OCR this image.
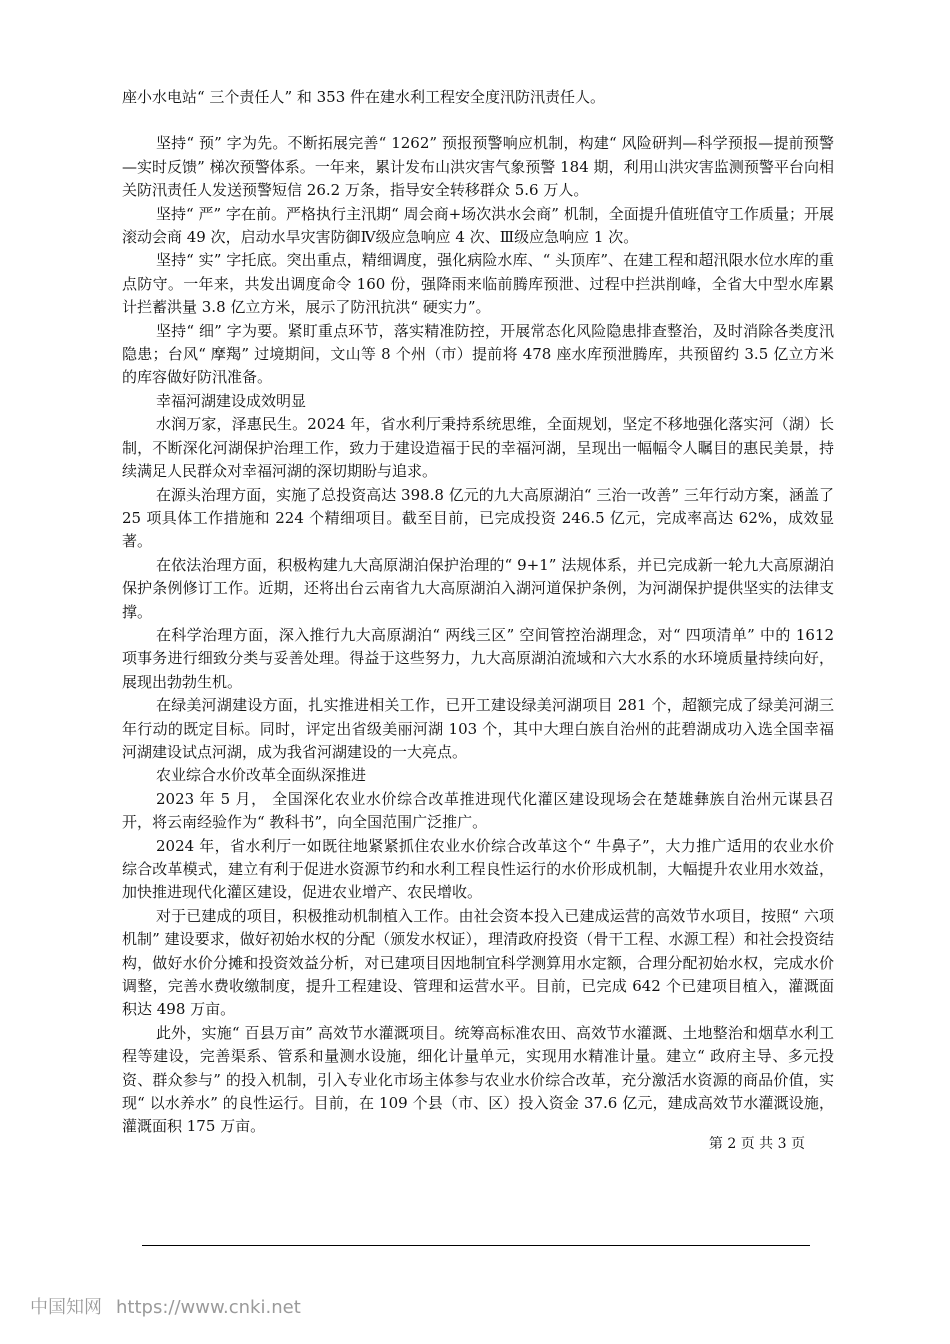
座小水电站“ 三个责任人” 和 353 件在建水利工程安全度汛防汛责任人。

坚持“ 预” 字为先。不断拓展完善“ 1262” 预报预警响应机制，构建“ 风险研判—科学预报—提前预警—实时反馈” 梯次预警体系。一年来，累计发布山洪灾害气象预警 184 期，利用山洪灾害监测预警平台向相关防汛责任人发送预警短信 26.2 万条，指导安全转移群众 5.6 万人。

坚持“ 严” 字在前。严格执行主汛期“ 周会商+场次洪水会商” 机制，全面提升值班值守工作质量；开展滚动会商 49 次，启动水旱灾害防御Ⅳ级应急响应 4 次、Ⅲ级应急响应 1 次。

坚持“ 实” 字托底。突出重点，精细调度，强化病险水库、“ 头顶库”、在建工程和超汛限水位水库的重点防守。一年来，共发出调度命令 160 份，强降雨来临前腾库预泄、过程中拦洪削峰，全省大中型水库累计拦蓄洪量 3.8 亿立方米，展示了防汛抗洪“ 硬实力”。

坚持“ 细” 字为要。紧盯重点环节，落实精准防控，开展常态化风险隐患排查整治，及时消除各类度汛隐患；台风“ 摩羯” 过境期间，文山等 8 个州（市）提前将 478 座水库预泄腾库，共预留约 3.5 亿立方米的库容做好防汛准备。

幸福河湖建设成效明显

水润万家，泽惠民生。2024 年，省水利厅秉持系统思维，全面规划，坚定不移地强化落实河（湖）长制，不断深化河湖保护治理工作，致力于建设造福于民的幸福河湖，呈现出一幅幅令人瞩目的惠民美景，持续满足人民群众对幸福河湖的深切期盼与追求。

在源头治理方面，实施了总投资高达 398.8 亿元的九大高原湖泊“ 三治一改善” 三年行动方案，涵盖了 25 项具体工作措施和 224 个精细项目。截至目前，已完成投资 246.5 亿元，完成率高达 62%，成效显著。

在依法治理方面，积极构建九大高原湖泊保护治理的“ 9+1” 法规体系，并已完成新一轮九大高原湖泊保护条例修订工作。近期，还将出台云南省九大高原湖泊入湖河道保护条例，为河湖保护提供坚实的法律支撑。

在科学治理方面，深入推行九大高原湖泊“ 两线三区” 空间管控治湖理念，对“ 四项清单” 中的 1612 项事务进行细致分类与妥善处理。得益于这些努力，九大高原湖泊流域和六大水系的水环境质量持续向好，展现出勃勃生机。

在绿美河湖建设方面，扎实推进相关工作，已开工建设绿美河湖项目 281 个，超额完成了绿美河湖三年行动的既定目标。同时，评定出省级美丽河湖 103 个，其中大理白族自治州的茈碧湖成功入选全国幸福河湖建设试点河湖，成为我省河湖建设的一大亮点。

农业综合水价改革全面纵深推进

2023 年 5 月， 全国深化农业水价综合改革推进现代化灌区建设现场会在楚雄彝族自治州元谋县召开，将云南经验作为“ 教科书”，向全国范围广泛推广。

2024 年，省水利厅一如既往地紧紧抓住农业水价综合改革这个“ 牛鼻子”，大力推广适用的农业水价综合改革模式，建立有利于促进水资源节约和水利工程良性运行的水价形成机制，大幅提升农业用水效益，加快推进现代化灌区建设，促进农业增产、农民增收。

对于已建成的项目，积极推动机制植入工作。由社会资本投入已建成运营的高效节水项目，按照“ 六项机制” 建设要求，做好初始水权的分配（颁发水权证），理清政府投资（骨干工程、水源工程）和社会投资结构，做好水价分摊和投资效益分析，对已建项目因地制宜科学测算用水定额，合理分配初始水权，完成水价调整，完善水费收缴制度，提升工程建设、管理和运营水平。目前，已完成 642 个已建项目植入，灌溉面积达 498 万亩。

此外，实施“ 百县万亩” 高效节水灌溉项目。统筹高标准农田、高效节水灌溉、土地整治和烟草水利工程等建设，完善渠系、管系和量测水设施，细化计量单元，实现用水精准计量。建立“ 政府主导、多元投资、群众参与” 的投入机制，引入专业化市场主体参与农业水价综合改革，充分激活水资源的商品价值，实现“ 以水养水” 的良性运行。目前，在 109 个县（市、区）投入资金 37.6 亿元，建成高效节水灌溉设施，灌溉面积 175 万亩。

第 2 页 共 3 页
中国知网 https://www.cnki.net
